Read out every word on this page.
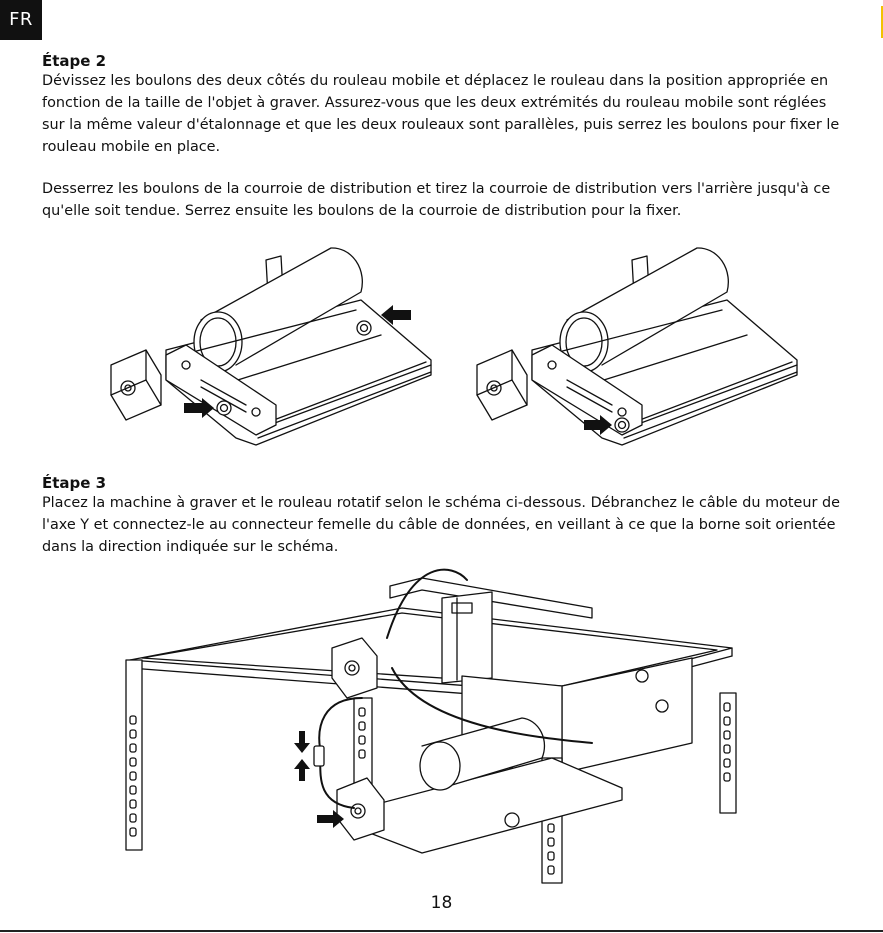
FR
Étape 2

Dévissez les boulons des deux côtés du rouleau mobile et déplacez le rouleau dans la position appropriée en fonction de la taille de l'objet à graver. Assurez-vous que les deux extrémités du rouleau mobile sont réglées sur la même valeur d'étalonnage et que les deux rouleaux sont parallèles, puis serrez les boulons pour fixer le rouleau mobile en place.

Desserrez les boulons de la courroie de distribution et tirez la courroie de distribution vers l'arrière jusqu'à ce qu'elle soit tendue. Serrez ensuite les boulons de la courroie de distribution pour la fixer.

Étape 3

Placez la machine à graver et le rouleau rotatif selon le schéma ci-dessous. Débranchez le câble du moteur de l'axe Y et connectez-le au connecteur femelle du câble de données, en veillant à ce que la borne soit orientée dans la direction indiquée sur le schéma.

18
